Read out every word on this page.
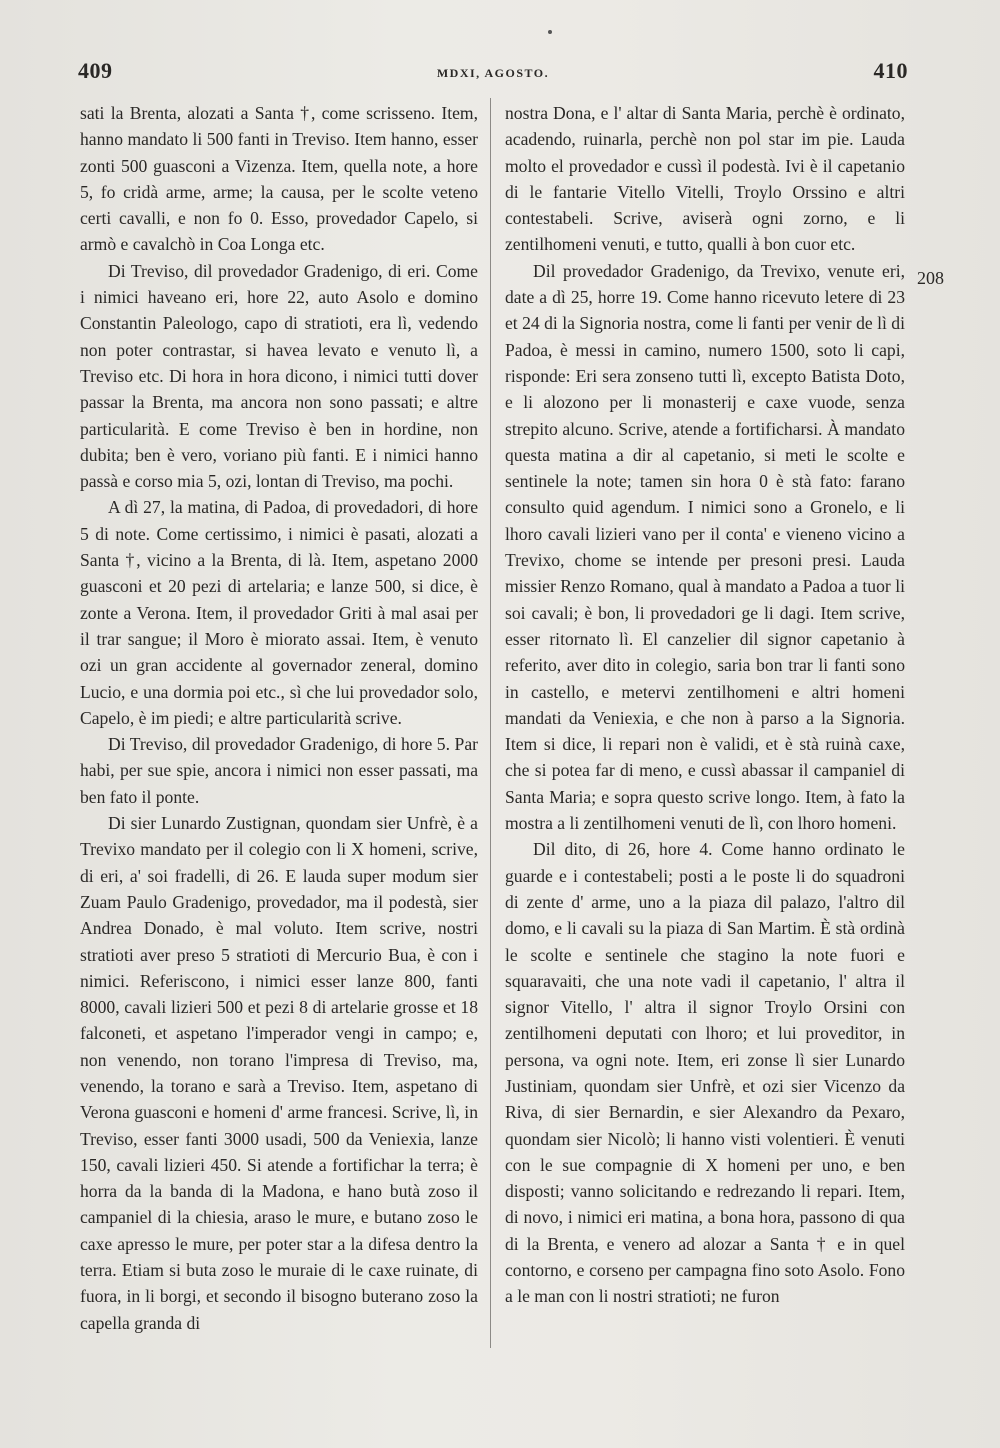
409	MDXI, AGOSTO.	410

sati la Brenta, alozati a Santa †, come scrisseno. Item, hanno mandato li 500 fanti in Treviso. Item hanno, esser zonti 500 guasconi a Vizenza. Item, quella note, a hore 5, fo cridà arme, arme; la causa, per le scolte veteno certi cavalli, e non fo 0. Esso, provedador Capelo, si armò e cavalchò in Coa Longa etc.

Di Treviso, dil provedador Gradenigo, di eri. Come i nimici haveano eri, hore 22, auto Asolo e domino Constantin Paleologo, capo di stratioti, era lì, vedendo non poter contrastar, si havea levato e venuto lì, a Treviso etc. Di hora in hora dicono, i nimici tutti dover passar la Brenta, ma ancora non sono passati; e altre particularità. E come Treviso è ben in hordine, non dubita; ben è vero, voriano più fanti. E i nimici hanno passà e corso mia 5, ozi, lontan di Treviso, ma pochi.

A dì 27, la matina, di Padoa, di provedadori, di hore 5 di note. Come certissimo, i nimici è pasati, alozati a Santa †, vicino a la Brenta, di là. Item, aspetano 2000 guasconi et 20 pezi di artelaria; e lanze 500, si dice, è zonte a Verona. Item, il provedador Griti à mal asai per il trar sangue; il Moro è miorato assai. Item, è venuto ozi un gran accidente al governador zeneral, domino Lucio, e una dormia poi etc., sì che lui provedador solo, Capelo, è im piedi; e altre particularità scrive.

Di Treviso, dil provedador Gradenigo, di hore 5. Par habi, per sue spie, ancora i nimici non esser passati, ma ben fato il ponte.

Di sier Lunardo Zustignan, quondam sier Unfrè, è a Trevixo mandato per il colegio con li X homeni, scrive, di eri, a' soi fradelli, di 26. E lauda super modum sier Zuam Paulo Gradenigo, provedador, ma il podestà, sier Andrea Donado, è mal voluto. Item scrive, nostri stratioti aver preso 5 stratioti di Mercurio Bua, è con i nimici. Referiscono, i nimici esser lanze 800, fanti 8000, cavali lizieri 500 et pezi 8 di artelarie grosse et 18 falconeti, et aspetano l'imperador vengi in campo; e, non venendo, non torano l'impresa di Treviso, ma, venendo, la torano e sarà a Treviso. Item, aspetano di Verona guasconi e homeni d' arme francesi. Scrive, lì, in Treviso, esser fanti 3000 usadi, 500 da Veniexia, lanze 150, cavali lizieri 450. Si atende a fortifichar la terra; è horra da la banda di la Madona, e hano butà zoso il campaniel di la chiesia, araso le mure, e butano zoso le caxe apresso le mure, per poter star a la difesa dentro la terra. Etiam si buta zoso le muraie di le caxe ruinate, di fuora, in li borgi, et secondo il bisogno buterano zoso la capella granda di

nostra Dona, e l' altar di Santa Maria, perchè è ordinato, acadendo, ruinarla, perchè non pol star im pie. Lauda molto el provedador e cussì il podestà. Ivi è il capetanio di le fantarie Vitello Vitelli, Troylo Orssino e altri contestabeli. Scrive, aviserà ogni zorno, e li zentilhomeni venuti, e tutto, qualli à bon cuor etc.

Dil provedador Gradenigo, da Trevixo, venute eri, date a dì 25, horre 19. Come hanno ricevuto letere di 23 et 24 di la Signoria nostra, come li fanti per venir de lì di Padoa, è messi in camino, numero 1500, soto li capi, risponde: Eri sera zonseno tutti lì, excepto Batista Doto, e li alozono per li monasterij e caxe vuode, senza strepito alcuno. Scrive, atende a fortificharsi. À mandato questa matina a dir al capetanio, si meti le scolte e sentinele la note; tamen sin hora 0 è stà fato: farano consulto quid agendum. I nimici sono a Gronelo, e li lhoro cavali lizieri vano per il conta' e vieneno vicino a Trevixo, chome se intende per presoni presi. Lauda missier Renzo Romano, qual à mandato a Padoa a tuor li soi cavali; è bon, li provedadori ge li dagi. Item scrive, esser ritornato lì. El canzelier dil signor capetanio à referito, aver dito in colegio, saria bon trar li fanti sono in castello, e metervi zentilhomeni e altri homeni mandati da Veniexia, e che non à parso a la Signoria. Item si dice, li repari non è validi, et è stà ruinà caxe, che si potea far di meno, e cussì abassar il campaniel di Santa Maria; e sopra questo scrive longo. Item, à fato la mostra a li zentilhomeni venuti de lì, con lhoro homeni.

Dil dito, di 26, hore 4. Come hanno ordinato le guarde e i contestabeli; posti a le poste li do squadroni di zente d' arme, uno a la piaza dil palazo, l'altro dil domo, e li cavali su la piaza di San Martim. È stà ordinà le scolte e sentinele che stagino la note fuori e squaravaiti, che una note vadi il capetanio, l' altra il signor Vitello, l' altra il signor Troylo Orsini con zentilhomeni deputati con lhoro; et lui proveditor, in persona, va ogni note. Item, eri zonse lì sier Lunardo Justiniam, quondam sier Unfrè, et ozi sier Vicenzo da Riva, di sier Bernardin, e sier Alexandro da Pexaro, quondam sier Nicolò; li hanno visti volentieri. È venuti con le sue compagnie di X homeni per uno, e ben disposti; vanno solicitando e redrezando li repari. Item, di novo, i nimici eri matina, a bona hora, passono di qua di la Brenta, e venero ad alozar a Santa † e in quel contorno, e corseno per campagna fino soto Asolo. Fono a le man con li nostri stratioti; ne furon

208
